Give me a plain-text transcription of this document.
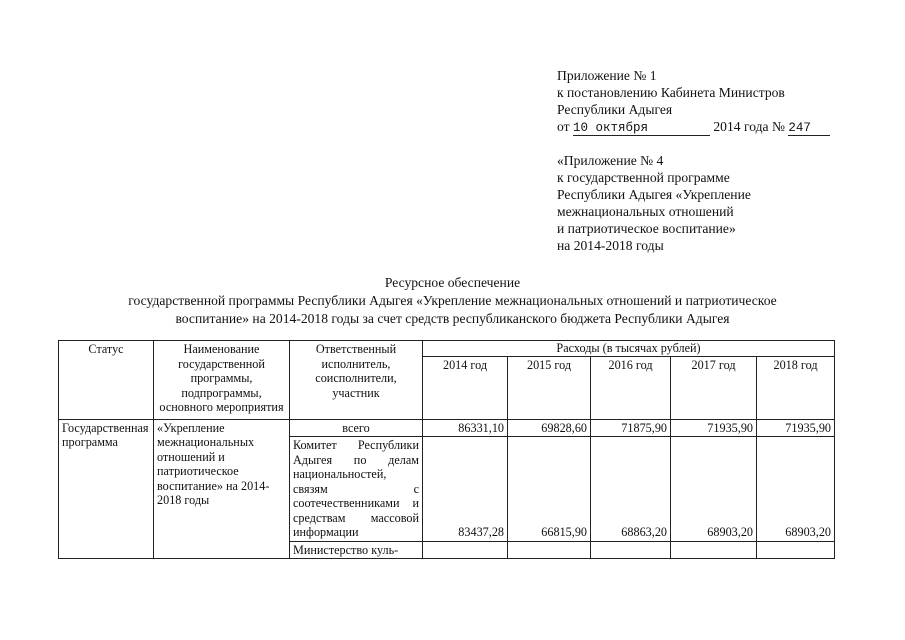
Приложение № 1
к постановлению Кабинета Министров
Республики Адыгея
от 10 октября	2014 года № 247
«Приложение № 4
к государственной программе
Республики Адыгея «Укрепление
межнациональных отношений
и патриотическое воспитание»
на 2014-2018 годы
Ресурсное обеспечение
государственной программы Республики Адыгея «Укрепление межнациональных отношений и патриотическое
воспитание» на 2014-2018 годы за счет средств республиканского бюджета Республики Адыгея
Статус	Наименование государственной программы, подпрограммы, основного мероприятия	Ответственный исполнитель, соисполнители, участник	Расходы (в тысячах рублей)				
			2014 год	2015 год	2016 год	2017 год	2018 год
Государственная программа	«Укрепление межнациональных отношений и патриотическое воспитание» на 2014-2018 годы	всего	86331,10	69828,60	71875,90	71935,90	71935,90
		Комитет Республики Адыгея по делам национальностей, связям с соотечественниками и средствам массовой информации	83437,28	66815,90	68863,20	68903,20	68903,20

		Министерство куль-					
